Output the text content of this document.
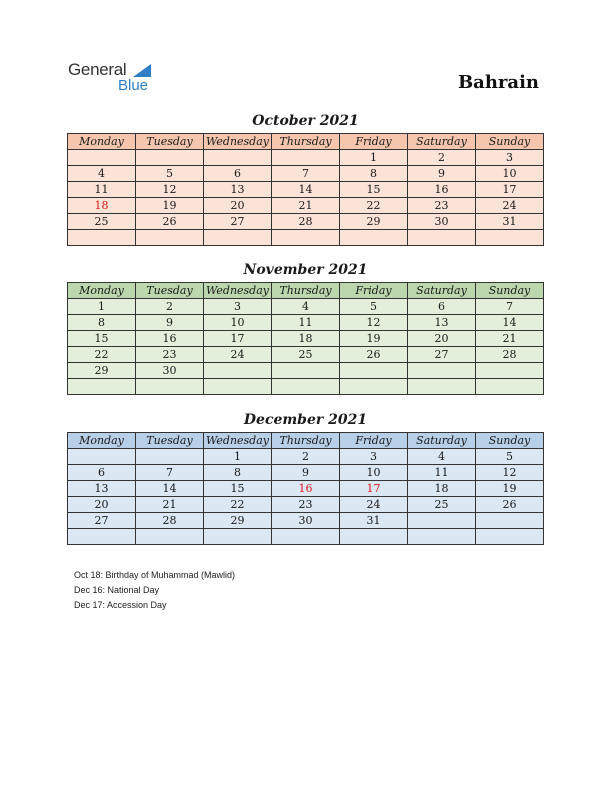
General
Blue	Bahrain
October 2021
Monday	Tuesday	Wednesday	Thursday	Friday	Saturday	Sunday
				1	2	3
4	5	6	7	8	9	10
11	12	13	14	15	16	17
18	19	20	21	22	23	24
25	26	27	28	29	30	31

November 2021
Monday	Tuesday	Wednesday	Thursday	Friday	Saturday	Sunday
1	2	3	4	5	6	7
8	9	10	11	12	13	14
15	16	17	18	19	20	21
22	23	24	25	26	27	28
29	30					

December 2021
Monday	Tuesday	Wednesday	Thursday	Friday	Saturday	Sunday
		1	2	3	4	5
6	7	8	9	10	11	12
13	14	15	16	17	18	19
20	21	22	23	24	25	26
27	28	29	30	31		

Oct 18: Birthday of Muhammad (Mawlid)
Dec 16: National Day
Dec 17: Accession Day
